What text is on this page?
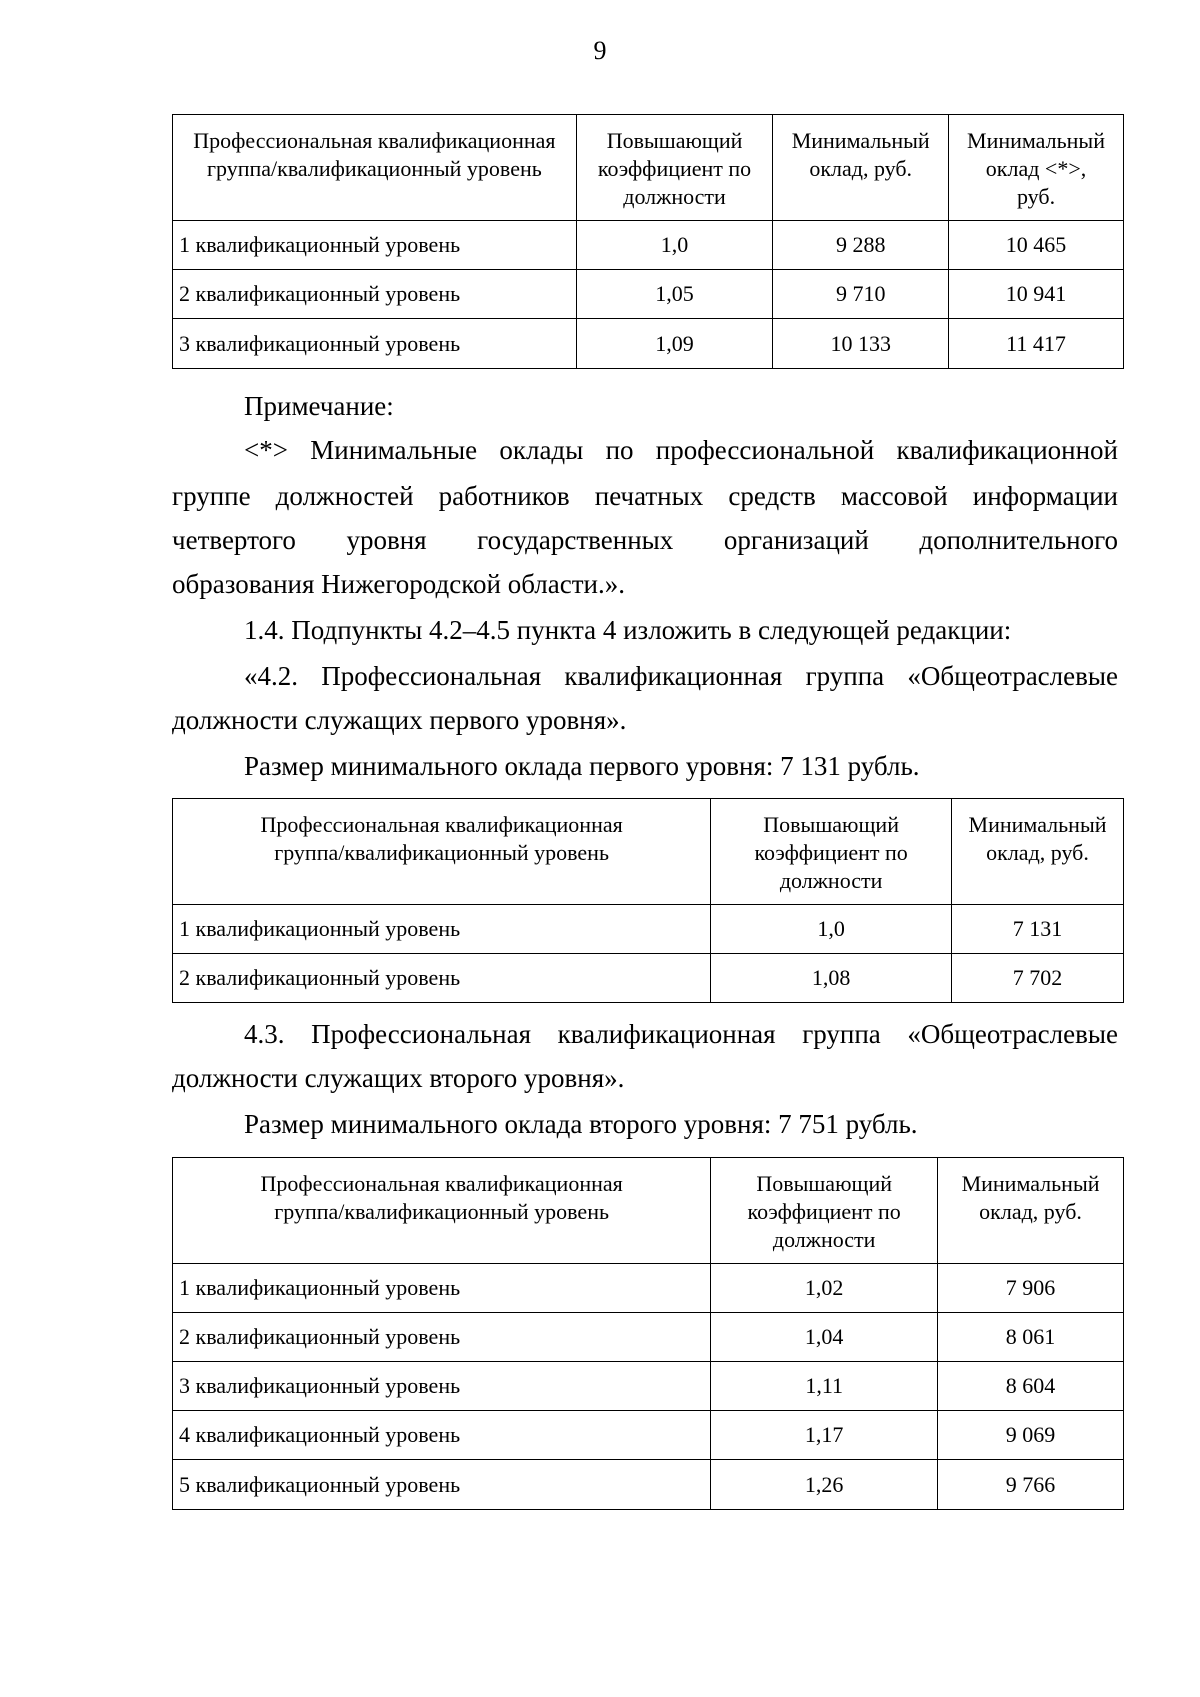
9
Профессиональная квалификационная группа/квалификационный уровень	Повышающий коэффициент по должности	Минимальный оклад, руб.	Минимальный оклад <*>, руб.
1 квалификационный уровень	1,0	9 288	10 465
2 квалификационный уровень	1,05	9 710	10 941
3 квалификационный уровень	1,09	10 133	11 417

Примечание:

<*> Минимальные оклады по профессиональной квалификационной

группе должностей работников печатных средств массовой информации

четвертого уровня государственных организаций дополнительного

образования Нижегородской области.».

1.4. Подпункты 4.2–4.5 пункта 4 изложить в следующей редакции:

«4.2. Профессиональная квалификационная группа «Общеотраслевые

должности служащих первого уровня».

Размер минимального оклада первого уровня: 7 131 рубль.

Профессиональная квалификационная группа/квалификационный уровень	Повышающий коэффициент по должности	Минимальный оклад, руб.
1 квалификационный уровень	1,0	7 131
2 квалификационный уровень	1,08	7 702

4.3. Профессиональная квалификационная группа «Общеотраслевые

должности служащих второго уровня».

Размер минимального оклада второго уровня: 7 751 рубль.

Профессиональная квалификационная группа/квалификационный уровень	Повышающий коэффициент по должности	Минимальный оклад, руб.
1 квалификационный уровень	1,02	7 906
2 квалификационный уровень	1,04	8 061
3 квалификационный уровень	1,11	8 604
4 квалификационный уровень	1,17	9 069
5 квалификационный уровень	1,26	9 766
